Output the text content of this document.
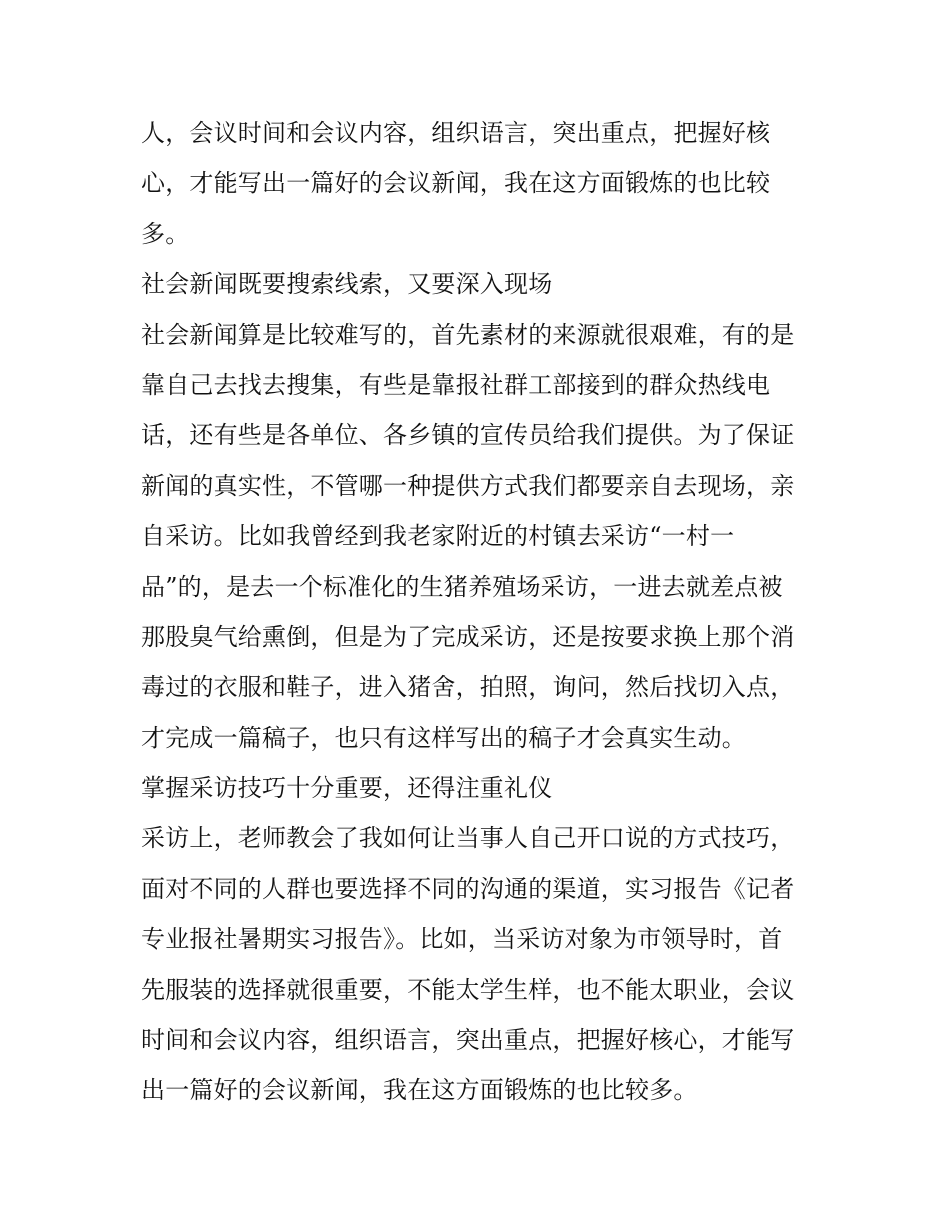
人，会议时间和会议内容，组织语言，突出重点，把握好核
心，才能写出一篇好的会议新闻，我在这方面锻炼的也比较
多。
社会新闻既要搜索线索，又要深入现场
社会新闻算是比较难写的，首先素材的来源就很艰难，有的是
靠自己去找去搜集，有些是靠报社群工部接到的群众热线电
话，还有些是各单位、各乡镇的宣传员给我们提供。为了保证
新闻的真实性，不管哪一种提供方式我们都要亲自去现场，亲
自采访。比如我曾经到我老家附近的村镇去采访“一村一
品”的，是去一个标准化的生猪养殖场采访，一进去就差点被
那股臭气给熏倒，但是为了完成采访，还是按要求换上那个消
毒过的衣服和鞋子，进入猪舍，拍照，询问，然后找切入点，
才完成一篇稿子，也只有这样写出的稿子才会真实生动。
掌握采访技巧十分重要，还得注重礼仪
采访上，老师教会了我如何让当事人自己开口说的方式技巧，
面对不同的人群也要选择不同的沟通的渠道，实习报告《记者
专业报社暑期实习报告》。比如，当采访对象为市领导时，首
先服装的选择就很重要，不能太学生样，也不能太职业，会议
时间和会议内容，组织语言，突出重点，把握好核心，才能写
出一篇好的会议新闻，我在这方面锻炼的也比较多。
